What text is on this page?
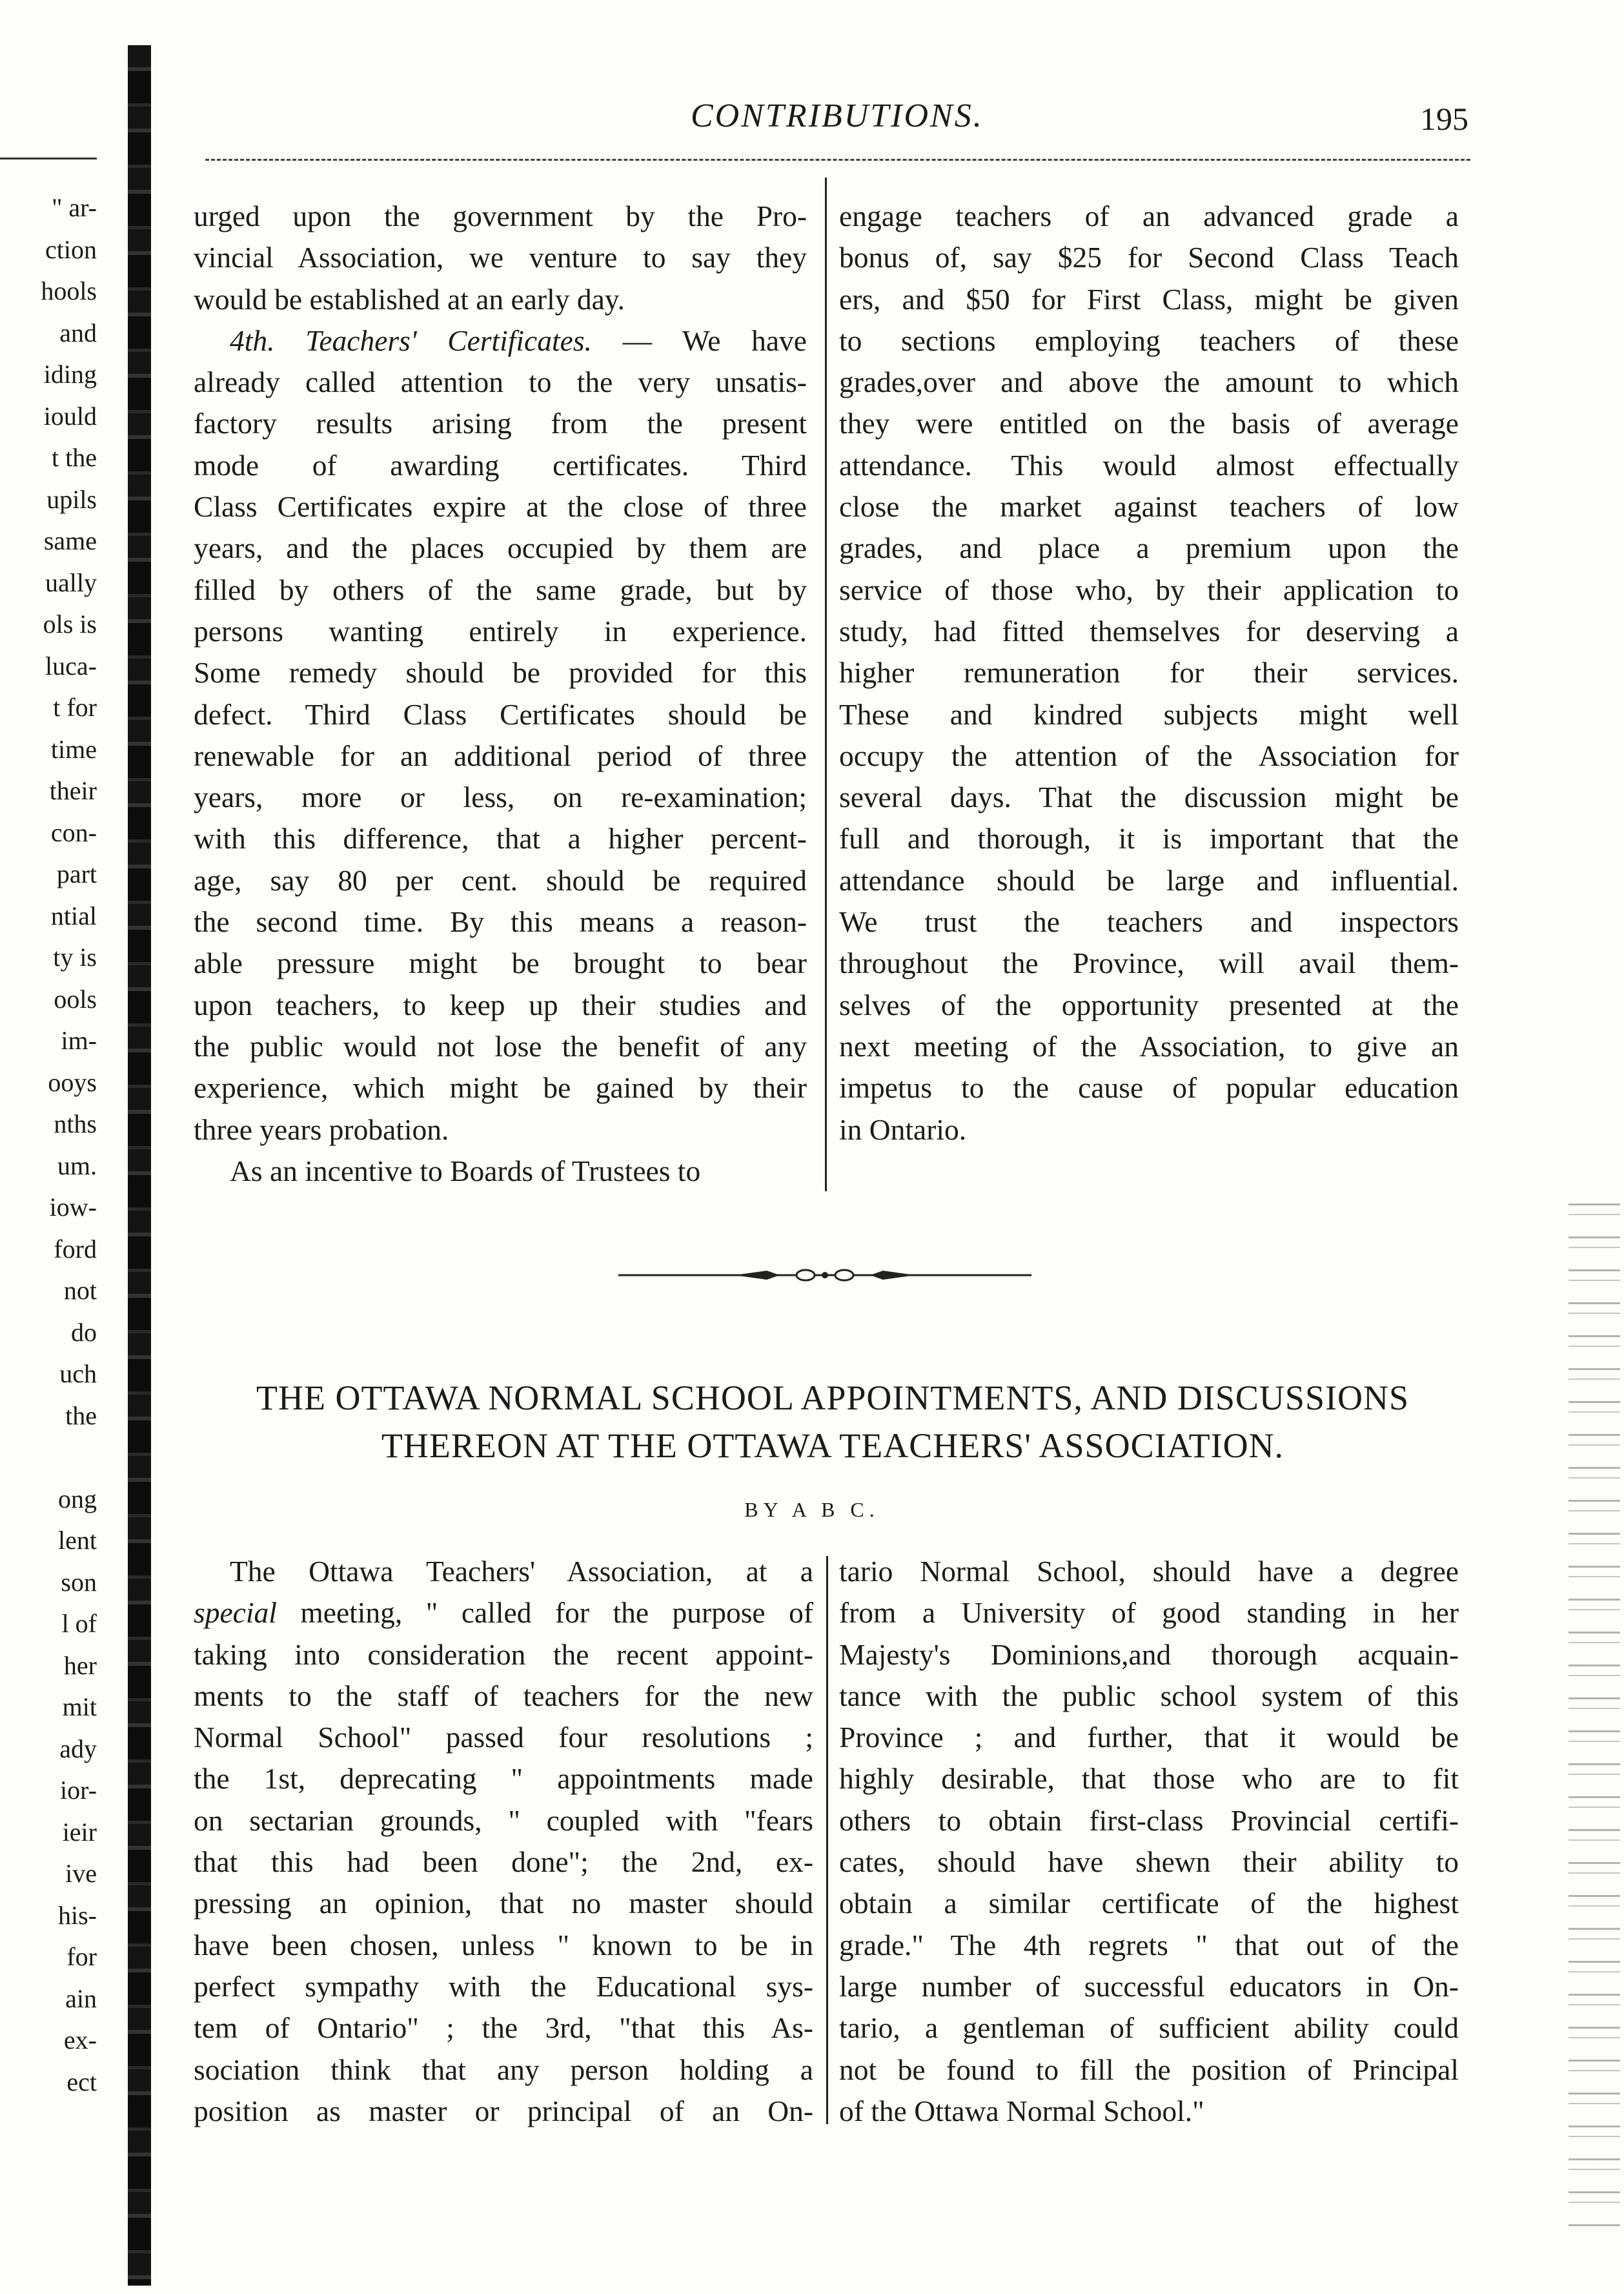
" ar-
ction
hools
and
iding
iould
t the
upils
same
ually
ols is
luca-
t for
time
their
con-
part
ntial
ty is
ools
im-
ooys
nths
um.
iow-
ford
not
do
uch
the
ong
lent
son
l of
her
mit
ady
ior-
ieir
ive
his-
for
ain
ex-
ect
CONTRIBUTIONS.	195
urged upon the government by the Pro-
vincial Association, we venture to say they
would be established at an early day.
4th. Teachers' Certificates. — We have
already called attention to the very unsatis-
factory results arising from the present
mode of awarding certificates. Third
Class Certificates expire at the close of three
years, and the places occupied by them are
filled by others of the same grade, but by
persons wanting entirely in experience.
Some remedy should be provided for this
defect. Third Class Certificates should be
renewable for an additional period of three
years, more or less, on re-examination;
with this difference, that a higher percent-
age, say 80 per cent. should be required
the second time. By this means a reason-
able pressure might be brought to bear
upon teachers, to keep up their studies and
the public would not lose the benefit of any
experience, which might be gained by their
three years probation.
As an incentive to Boards of Trustees to
engage teachers of an advanced grade a
bonus of, say $25 for Second Class Teach
ers, and $50 for First Class, might be given
to sections employing teachers of these
grades,over and above the amount to which
they were entitled on the basis of average
attendance. This would almost effectually
close the market against teachers of low
grades, and place a premium upon the
service of those who, by their application to
study, had fitted themselves for deserving a
higher remuneration for their services.
These and kindred subjects might well
occupy the attention of the Association for
several days. That the discussion might be
full and thorough, it is important that the
attendance should be large and influential.
We trust the teachers and inspectors
throughout the Province, will avail them-
selves of the opportunity presented at the
next meeting of the Association, to give an
impetus to the cause of popular education
in Ontario.
THE OTTAWA NORMAL SCHOOL APPOINTMENTS, AND DISCUSSIONS
THEREON AT THE OTTAWA TEACHERS' ASSOCIATION.
BY A B C.
The Ottawa Teachers' Association, at a
special meeting, " called for the purpose of
taking into consideration the recent appoint-
ments to the staff of teachers for the new
Normal School" passed four resolutions ;
the 1st, deprecating " appointments made
on sectarian grounds, " coupled with "fears
that this had been done"; the 2nd, ex-
pressing an opinion, that no master should
have been chosen, unless " known to be in
perfect sympathy with the Educational sys-
tem of Ontario" ; the 3rd, "that this As-
sociation think that any person holding a
position as master or principal of an On-
tario Normal School, should have a degree
from a University of good standing in her
Majesty's Dominions,and thorough acquain-
tance with the public school system of this
Province ; and further, that it would be
highly desirable, that those who are to fit
others to obtain first-class Provincial certifi-
cates, should have shewn their ability to
obtain a similar certificate of the highest
grade." The 4th regrets " that out of the
large number of successful educators in On-
tario, a gentleman of sufficient ability could
not be found to fill the position of Principal
of the Ottawa Normal School."
